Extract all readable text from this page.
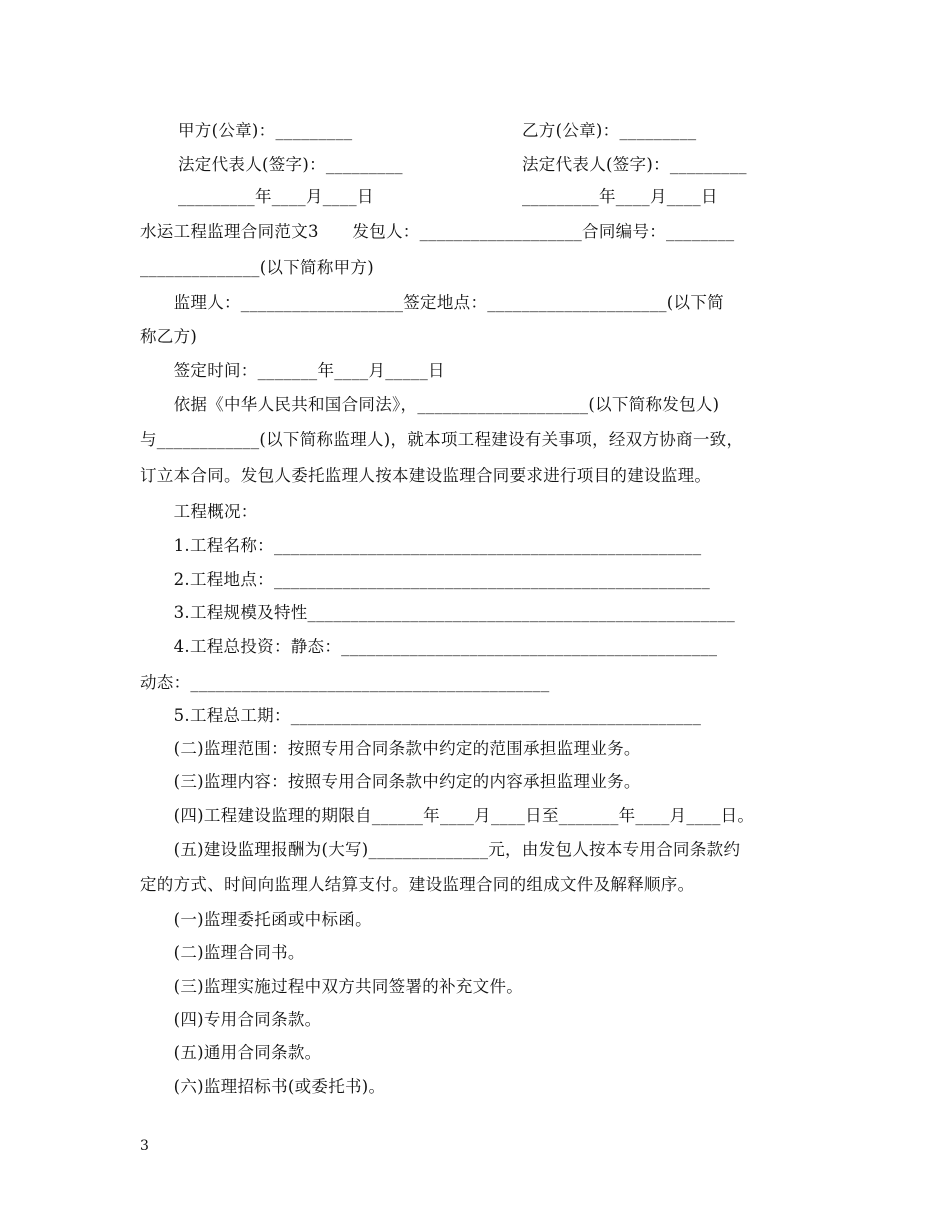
甲方(公章)：_________	乙方(公章)：_________
法定代表人(签字)：_________	法定代表人(签字)：_________
_________年____月____日	_________年____月____日
水运工程监理合同范文3　　发包人：___________________合同编号：________
______________(以下简称甲方)
　　监理人：___________________签定地点：_____________________(以下简
称乙方)
　　签定时间：_______年____月_____日
　　依据《中华人民共和国合同法》，____________________(以下简称发包人)
与____________(以下简称监理人)，就本项工程建设有关事项，经双方协商一致，
订立本合同。发包人委托监理人按本建设监理合同要求进行项目的建设监理。
　　工程概况：
　　1.工程名称：__________________________________________________
　　2.工程地点：___________________________________________________
　　3.工程规模及特性__________________________________________________
　　4.工程总投资：静态：____________________________________________
动态：__________________________________________
　　5.工程总工期：________________________________________________
　　(二)监理范围：按照专用合同条款中约定的范围承担监理业务。
　　(三)监理内容：按照专用合同条款中约定的内容承担监理业务。
　　(四)工程建设监理的期限自______年____月____日至_______年____月____日。
　　(五)建设监理报酬为(大写)______________元，由发包人按本专用合同条款约
定的方式、时间向监理人结算支付。建设监理合同的组成文件及解释顺序。
　　(一)监理委托函或中标函。
　　(二)监理合同书。
　　(三)监理实施过程中双方共同签署的补充文件。
　　(四)专用合同条款。
　　(五)通用合同条款。
　　(六)监理招标书(或委托书)。
3
